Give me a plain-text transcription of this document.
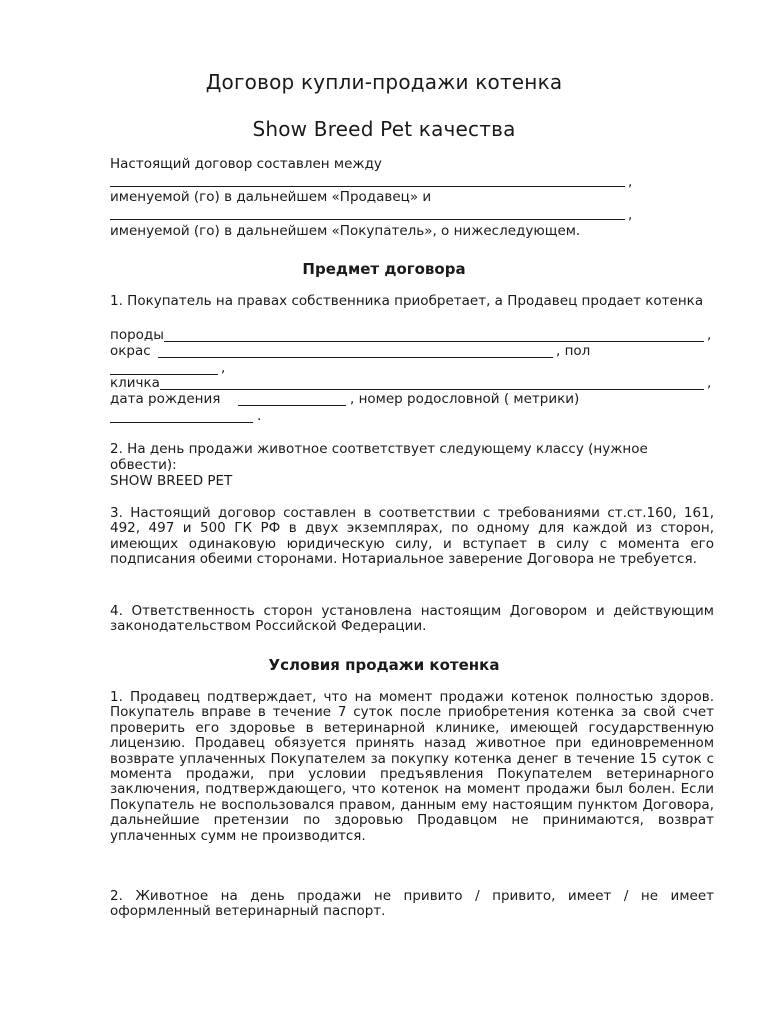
Договор купли-продажи котенка
Show Breed Pet качества
Настоящий договор составлен между
,
именуемой (го) в дальнейшем «Продавец» и
,
именуемой (го) в дальнейшем «Покупатель», о нижеследующем.
Предмет договора
1. Покупатель на правах собственника приобретает, а Продавец продает котенка
породы	,
окрас	, пол
,
кличка	,
дата рождения	, номер родословной ( метрики)
.
2. На день продажи животное соответствует следующему классу (нужное обвести):
SHOW BREED PET
3. Настоящий договор составлен в соответствии с требованиями ст.ст.160, 161, 492, 497 и 500 ГК РФ в двух экземплярах, по одному для каждой из сторон, имеющих одинаковую юридическую силу, и вступает в силу с момента его подписания обеими сторонами. Нотариальное заверение Договора не требуется.
4. Ответственность сторон установлена настоящим Договором и действующим законодательством Российской Федерации.
Условия продажи котенка
1. Продавец подтверждает, что на момент продажи котенок полностью здоров. Покупатель вправе в течение 7 суток после приобретения котенка за свой счет проверить его здоровье в ветеринарной клинике, имеющей государственную лицензию. Продавец обязуется принять назад животное при единовременном возврате уплаченных Покупателем за покупку котенка денег в течение 15 суток с момента продажи, при условии предъявления Покупателем ветеринарного заключения, подтверждающего, что котенок на момент продажи был болен. Если Покупатель не воспользовался правом, данным ему настоящим пунктом Договора, дальнейшие претензии по здоровью Продавцом не принимаются, возврат уплаченных сумм не производится.
2. Животное на день продажи не привито / привито, имеет / не имеет оформленный ветеринарный паспорт.
